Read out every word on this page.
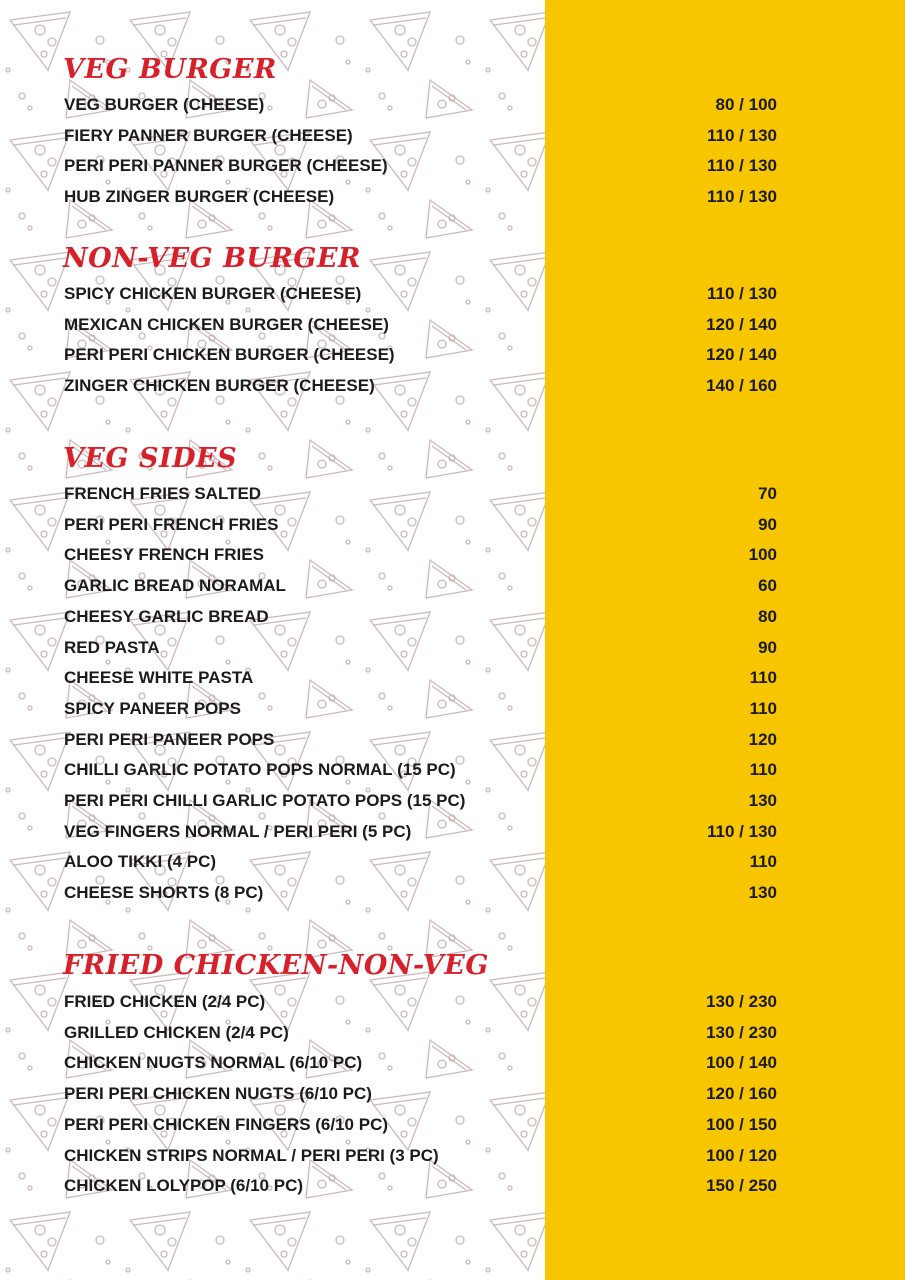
VEG BURGER
VEG BURGER (CHEESE)	80 / 100
FIERY PANNER BURGER (CHEESE)	110 / 130
PERI PERI PANNER BURGER (CHEESE)	110 / 130
HUB ZINGER BURGER (CHEESE)	110 / 130
NON-VEG BURGER
SPICY CHICKEN BURGER (CHEESE)	110 / 130
MEXICAN CHICKEN BURGER (CHEESE)	120 / 140
PERI PERI CHICKEN BURGER (CHEESE)	120 / 140
ZINGER CHICKEN BURGER (CHEESE)	140 / 160
VEG SIDES
FRENCH FRIES SALTED	70
PERI PERI FRENCH FRIES	90
CHEESY FRENCH FRIES	100
GARLIC BREAD NORAMAL	60
CHEESY GARLIC BREAD	80
RED PASTA	90
CHEESE WHITE PASTA	110
SPICY PANEER POPS	110
PERI PERI PANEER POPS	120
CHILLI GARLIC POTATO POPS NORMAL (15 PC)	110
PERI PERI CHILLI GARLIC POTATO POPS (15 PC)	130
VEG FINGERS NORMAL / PERI PERI (5 PC)	110 / 130
ALOO TIKKI (4 PC)	110
CHEESE SHORTS (8 PC)	130
FRIED CHICKEN-NON-VEG
FRIED CHICKEN (2/4 PC)	130 / 230
GRILLED CHICKEN (2/4 PC)	130 / 230
CHICKEN NUGTS NORMAL (6/10 PC)	100 / 140
PERI PERI CHICKEN NUGTS (6/10 PC)	120 / 160
PERI PERI CHICKEN FINGERS (6/10 PC)	100 / 150
CHICKEN STRIPS NORMAL / PERI PERI (3 PC)	100 / 120
CHICKEN LOLYPOP (6/10 PC)	150 / 250
